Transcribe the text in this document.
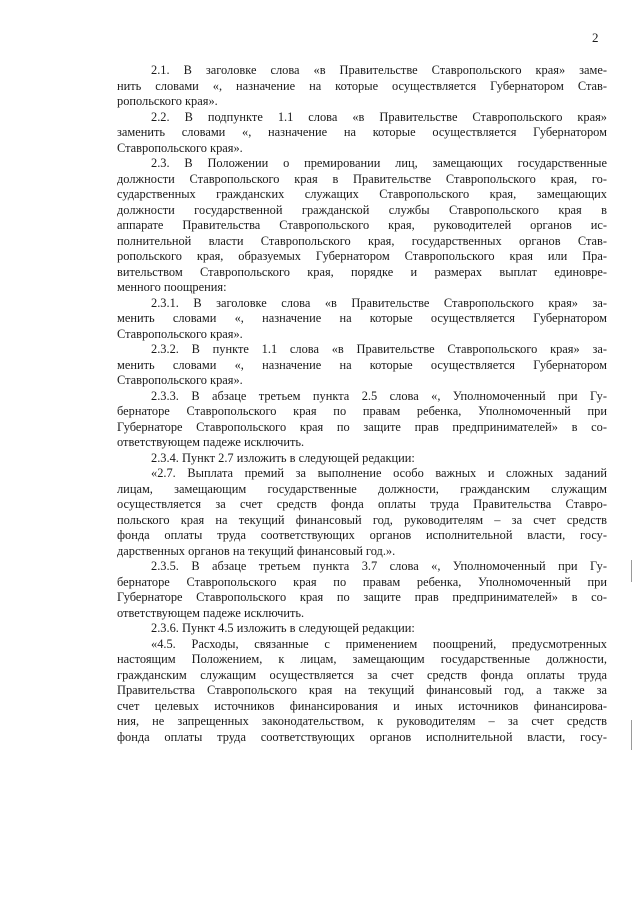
2
2.1. В заголовке слова «в Правительстве Ставропольского края» заме-
нить словами «, назначение на которые осуществляется Губернатором Став-
ропольского края».
2.2. В подпункте 1.1 слова «в Правительстве Ставропольского края»
заменить словами «, назначение на которые осуществляется Губернатором
Ставропольского края».
2.3. В Положении о премировании лиц, замещающих государственные
должности Ставропольского края в Правительстве Ставропольского края, го-
сударственных гражданских служащих Ставропольского края, замещающих
должности государственной гражданской службы Ставропольского края в
аппарате Правительства Ставропольского края, руководителей органов ис-
полнительной власти Ставропольского края, государственных органов Став-
ропольского края, образуемых Губернатором Ставропольского края или Пра-
вительством Ставропольского края, порядке и размерах выплат единовре-
менного поощрения:
2.3.1. В заголовке слова «в Правительстве Ставропольского края» за-
менить словами «, назначение на которые осуществляется Губернатором
Ставропольского края».
2.3.2. В пункте 1.1 слова «в Правительстве Ставропольского края» за-
менить словами «, назначение на которые осуществляется Губернатором
Ставропольского края».
2.3.3. В абзаце третьем пункта 2.5 слова «, Уполномоченный при Гу-
бернаторе Ставропольского края по правам ребенка, Уполномоченный при
Губернаторе Ставропольского края по защите прав предпринимателей» в со-
ответствующем падеже исключить.
2.3.4. Пункт 2.7 изложить в следующей редакции:
«2.7. Выплата премий за выполнение особо важных и сложных заданий
лицам, замещающим государственные должности, гражданским служащим
осуществляется за счет средств фонда оплаты труда Правительства Ставро-
польского края на текущий финансовый год, руководителям – за счет средств
фонда оплаты труда соответствующих органов исполнительной власти, госу-
дарственных органов на текущий финансовый год.».
2.3.5. В абзаце третьем пункта 3.7 слова «, Уполномоченный при Гу-
бернаторе Ставропольского края по правам ребенка, Уполномоченный при
Губернаторе Ставропольского края по защите прав предпринимателей» в со-
ответствующем падеже исключить.
2.3.6. Пункт 4.5 изложить в следующей редакции:
«4.5. Расходы, связанные с применением поощрений, предусмотренных
настоящим Положением, к лицам, замещающим государственные должности,
гражданским служащим осуществляется за счет средств фонда оплаты труда
Правительства Ставропольского края на текущий финансовый год, а также за
счет целевых источников финансирования и иных источников финансирова-
ния, не запрещенных законодательством, к руководителям – за счет средств
фонда оплаты труда соответствующих органов исполнительной власти, госу-
